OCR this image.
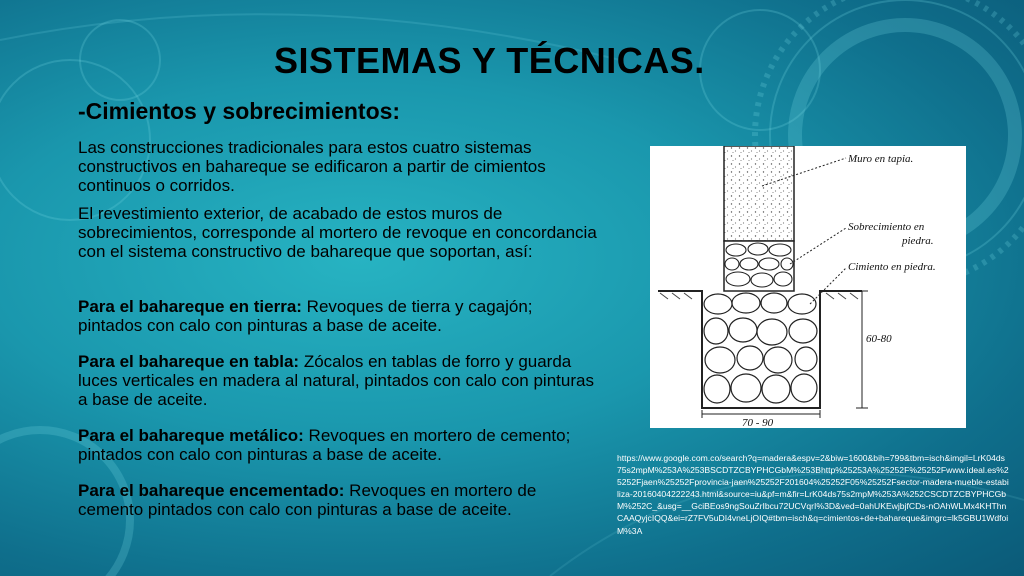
SISTEMAS Y TÉCNICAS.
-Cimientos y sobrecimientos:
Las construcciones tradicionales para estos cuatro sistemas constructivos en bahareque se edificaron a partir de cimientos continuos o corridos.
El revestimiento exterior, de acabado de estos muros de sobrecimientos, corresponde al mortero de revoque en concordancia con el sistema constructivo de bahareque que soportan, así:
Para el bahareque en tierra: Revoques de tierra y cagajón; pintados con calo con pinturas a base de aceite.
Para el bahareque en tabla: Zócalos en tablas de forro y guarda luces verticales en madera al natural, pintados con calo con pinturas a base de aceite.
Para el bahareque metálico: Revoques en mortero de cemento; pintados con calo con pinturas a base de aceite.
Para el bahareque encementado: Revoques en mortero de cemento pintados con calo con pinturas a base de aceite.
Muro en tapia.
Sobrecimiento en
piedra.
Cimiento en piedra.
60-80
70 - 90
https://www.google.com.co/search?q=madera&espv=2&biw=1600&bih=799&tbm=isch&imgil=LrK04ds75s2mpM%253A%253BSCDTZCBYPHCGbM%253Bhttp%25253A%25252F%25252Fwww.ideal.es%25252Fjaen%25252Fprovincia-jaen%25252F201604%25252F05%25252Fsector-madera-mueble-estabiliza-20160404222243.html&source=iu&pf=m&fir=LrK04ds75s2mpM%253A%252CSCDTZCBYPHCGbM%252C_&usg=__GciBEos9ngSouZrIbcu72UCVqrI%3D&ved=0ahUKEwjbjfCDs-nOAhWLMx4KHThnCAAQyjcIQQ&ei=rZ7FV5uDI4vneLjOIQ#tbm=isch&q=cimientos+de+bahareque&imgrc=lk5GBU1WdfoiM%3A
